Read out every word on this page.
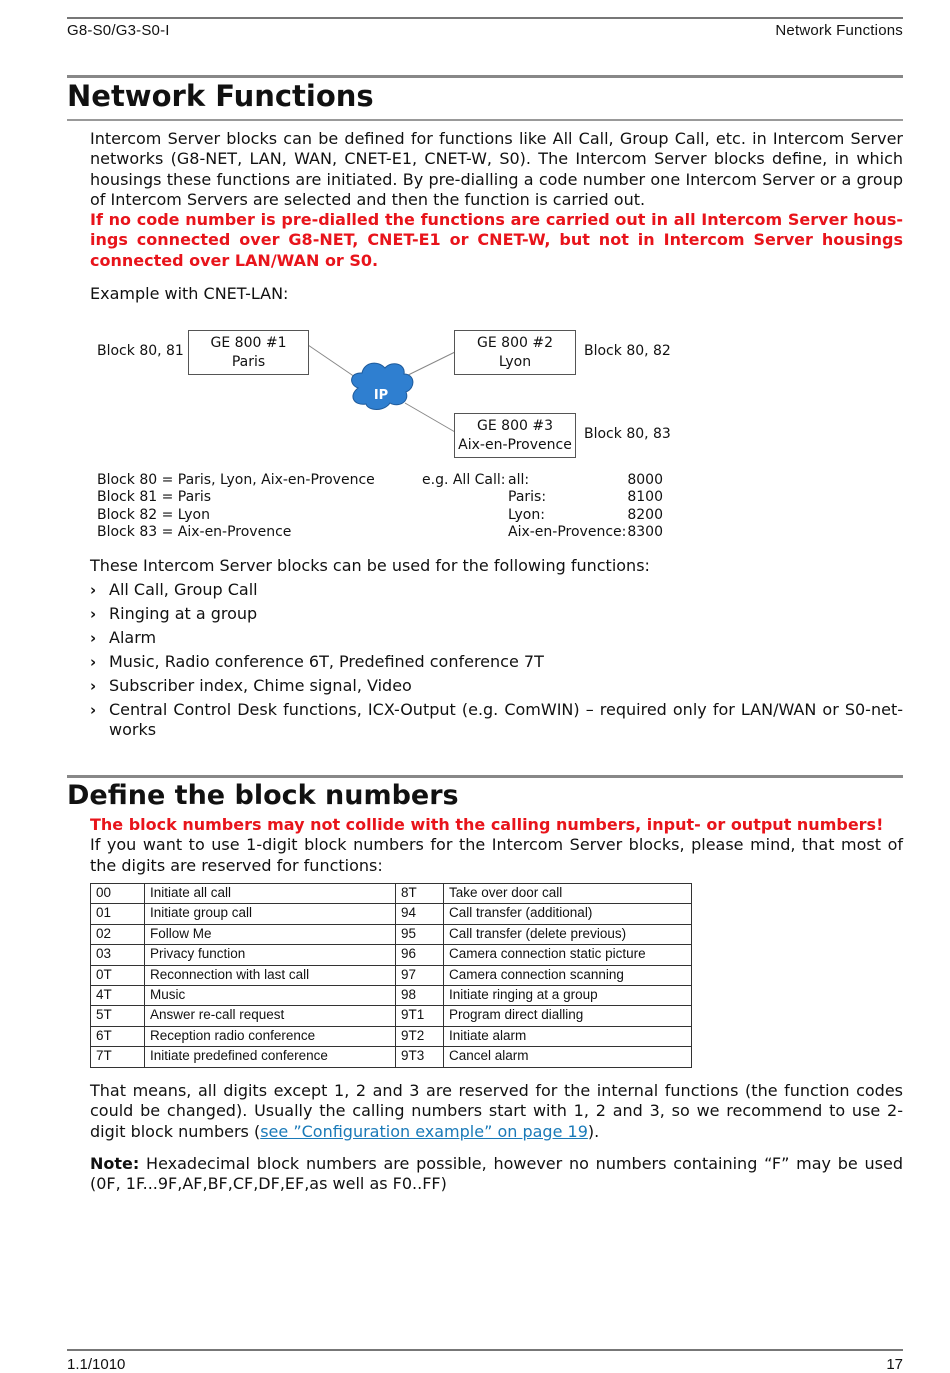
G8-S0/G3-S0-I	Network Functions
Network Functions

Intercom Server blocks can be defined for functions like All Call, Group Call, etc. in Intercom Server networks (G8-NET, LAN, WAN, CNET-E1, CNET-W, S0). The Intercom Server blocks define, in which housings these functions are initiated. By pre-dialling a code number one Intercom Server or a group of Intercom Servers are selected and then the function is carried out.

If no code number is pre-dialled the functions are carried out in all Intercom Server housings connected over G8-NET, CNET-E1 or CNET-W, but not in Intercom Server housings connected over LAN/WAN or S0.

Example with CNET-LAN:
IP
GE 800 #1
Paris
GE 800 #2
Lyon
GE 800 #3
Aix-en-Provence
Block 80, 81	Block 80, 82
Block 80, 83
Block 80 = Paris, Lyon, Aix-en-Provence
Block 81 = Paris
Block 82 = Lyon
Block 83 = Aix-en-Provence
e.g. All Call: all:	8000
Paris:	8100
Lyon:	8200
Aix-en-Provence: 8300
These Intercom Server blocks can be used for the following functions:
› All Call, Group Call
› Ringing at a group
› Alarm
› Music, Radio conference 6T, Predefined conference 7T
› Subscriber index, Chime signal, Video
› Central Control Desk functions, ICX-Output (e.g. ComWIN) – required only for LAN/WAN or S0-networks
Define the block numbers

The block numbers may not collide with the calling numbers, input- or output numbers!

If you want to use 1-digit block numbers for the Intercom Server blocks, please mind, that most of the digits are reserved for functions:

00	Initiate all call	8T	Take over door call
01	Initiate group call	94	Call transfer (additional)
02	Follow Me	95	Call transfer (delete previous)
03	Privacy function	96	Camera connection static picture
0T	Reconnection with last call	97	Camera connection scanning
4T	Music	98	Initiate ringing at a group
5T	Answer re-call request	9T1	Program direct dialling
6T	Reception radio conference	9T2	Initiate alarm
7T	Initiate predefined conference	9T3	Cancel alarm

That means, all digits except 1, 2 and 3 are reserved for the internal functions (the function codes could be changed). Usually the calling numbers start with 1, 2 and 3, so we recommend to use 2-digit block numbers (see ”Configuration example” on page 19).

Note: Hexadecimal block numbers are possible, however no numbers containing “F” may be used (0F, 1F...9F,AF,BF,CF,DF,EF,as well as F0..FF)

1.1/1010	17
